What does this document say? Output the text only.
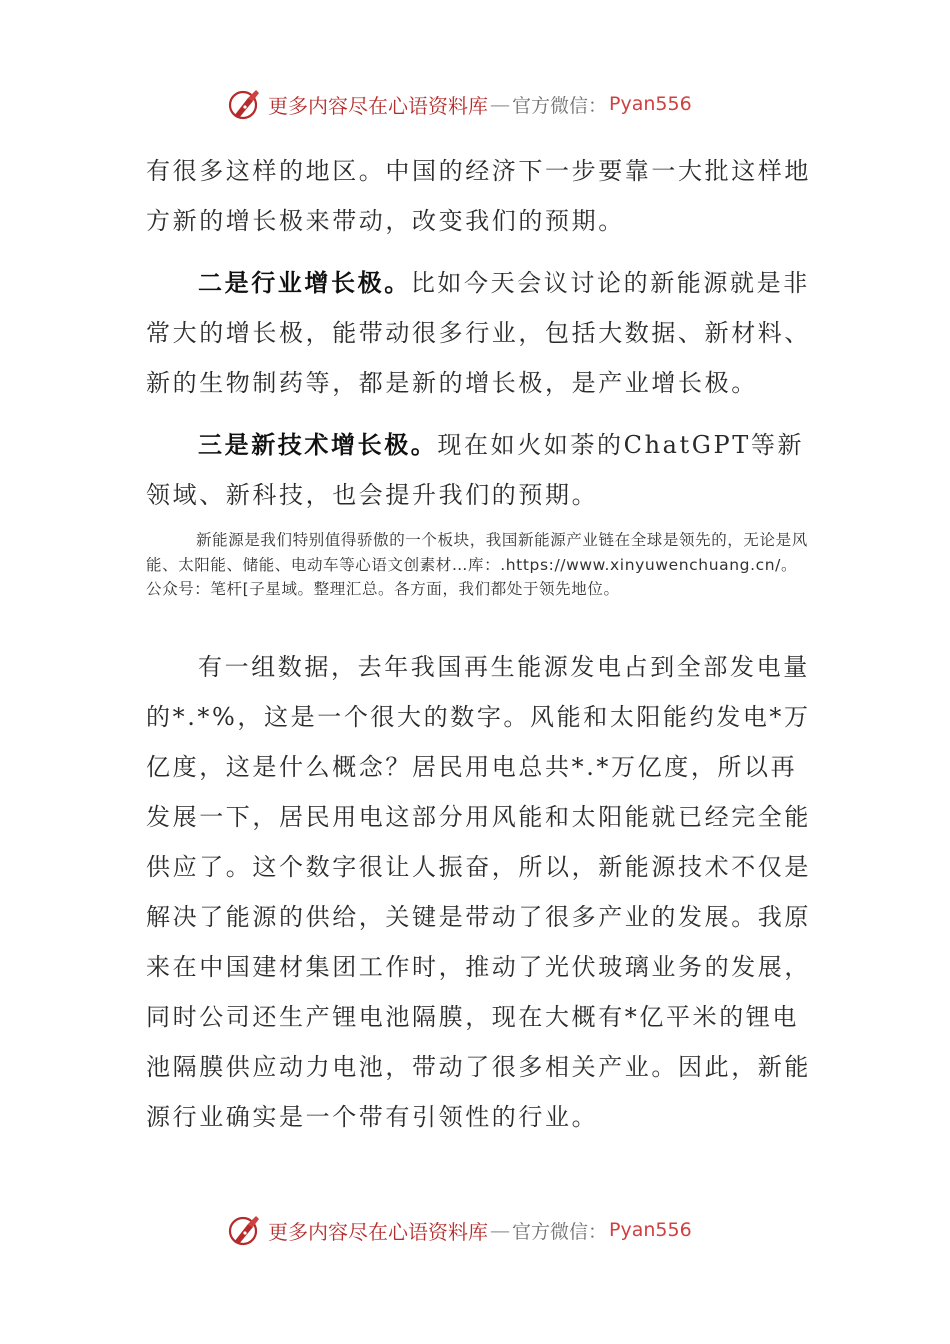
更多内容尽在心语资料库 — 官方微信： Pyan556

有很多这样的地区。中国的经济下一步要靠一大批这样地方新的增长极来带动，改变我们的预期。

二是行业增长极。比如今天会议讨论的新能源就是非常大的增长极，能带动很多行业，包括大数据、新材料、新的生物制药等，都是新的增长极，是产业增长极。

三是新技术增长极。现在如火如荼的ChatGPT等新领域、新科技，也会提升我们的预期。

新能源是我们特别值得骄傲的一个板块，我国新能源产业链在全球是领先的，无论是风能、太阳能、储能、电动车等心语文创素材…库：.https://www.xinyuwenchuang.cn/。公众号：笔杆[子星域。整理汇总。各方面，我们都处于领先地位。

有一组数据，去年我国再生能源发电占到全部发电量的*.*%，这是一个很大的数字。风能和太阳能约发电*万亿度，这是什么概念？居民用电总共*.*万亿度，所以再发展一下，居民用电这部分用风能和太阳能就已经完全能供应了。这个数字很让人振奋，所以，新能源技术不仅是解决了能源的供给，关键是带动了很多产业的发展。我原来在中国建材集团工作时，推动了光伏玻璃业务的发展，同时公司还生产锂电池隔膜，现在大概有*亿平米的锂电池隔膜供应动力电池，带动了很多相关产业。因此，新能源行业确实是一个带有引领性的行业。

更多内容尽在心语资料库 — 官方微信： Pyan556
